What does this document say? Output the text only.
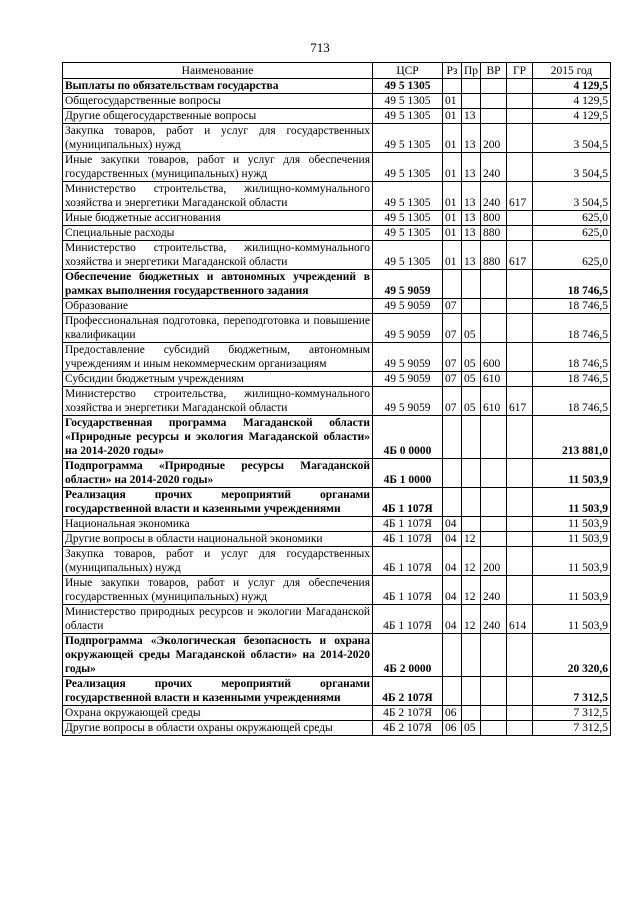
713
Наименование	ЦСР	Рз	Пр	ВР	ГР	2015 год
Выплаты по обязательствам государства	49 5 1305					4 129,5
Общегосударственные вопросы	49 5 1305	01				4 129,5
Другие общегосударственные вопросы	49 5 1305	01	13			4 129,5
Закупка товаров, работ и услуг для государственных (муниципальных) нужд	49 5 1305	01	13	200		3 504,5
Иные закупки товаров, работ и услуг для обеспечения государственных (муниципальных) нужд	49 5 1305	01	13	240		3 504,5
Министерство строительства, жилищно-коммунального хозяйства и энергетики Магаданской области	49 5 1305	01	13	240	617	3 504,5
Иные бюджетные ассигнования	49 5 1305	01	13	800		625,0
Специальные расходы	49 5 1305	01	13	880		625,0
Министерство строительства, жилищно-коммунального хозяйства и энергетики Магаданской области	49 5 1305	01	13	880	617	625,0
Обеспечение бюджетных и автономных учреждений в рамках выполнения государственного задания	49 5 9059					18 746,5
Образование	49 5 9059	07				18 746,5
Профессиональная подготовка, переподготовка и повышение квалификации	49 5 9059	07	05			18 746,5
Предоставление субсидий бюджетным, автономным учреждениям и иным некоммерческим организациям	49 5 9059	07	05	600		18 746,5
Субсидии бюджетным учреждениям	49 5 9059	07	05	610		18 746,5
Министерство строительства, жилищно-коммунального хозяйства и энергетики Магаданской области	49 5 9059	07	05	610	617	18 746,5
Государственная программа Магаданской области «Природные ресурсы и экология Магаданской области» на 2014-2020 годы»	4Б 0 0000					213 881,0
Подпрограмма «Природные ресурсы Магаданской области» на 2014-2020 годы»	4Б 1 0000					11 503,9
Реализация прочих мероприятий органами государственной власти и казенными учреждениями	4Б 1 107Я					11 503,9
Национальная экономика	4Б 1 107Я	04				11 503,9
Другие вопросы в области национальной экономики	4Б 1 107Я	04	12			11 503,9
Закупка товаров, работ и услуг для государственных (муниципальных) нужд	4Б 1 107Я	04	12	200		11 503,9
Иные закупки товаров, работ и услуг для обеспечения государственных (муниципальных) нужд	4Б 1 107Я	04	12	240		11 503,9
Министерство природных ресурсов и экологии Магаданской области	4Б 1 107Я	04	12	240	614	11 503,9
Подпрограмма «Экологическая безопасность и охрана окружающей среды Магаданской области» на 2014-2020 годы»	4Б 2 0000					20 320,6
Реализация прочих мероприятий органами государственной власти и казенными учреждениями	4Б 2 107Я					7 312,5
Охрана окружающей среды	4Б 2 107Я	06				7 312,5
Другие вопросы в области охраны окружающей среды	4Б 2 107Я	06	05			7 312,5
